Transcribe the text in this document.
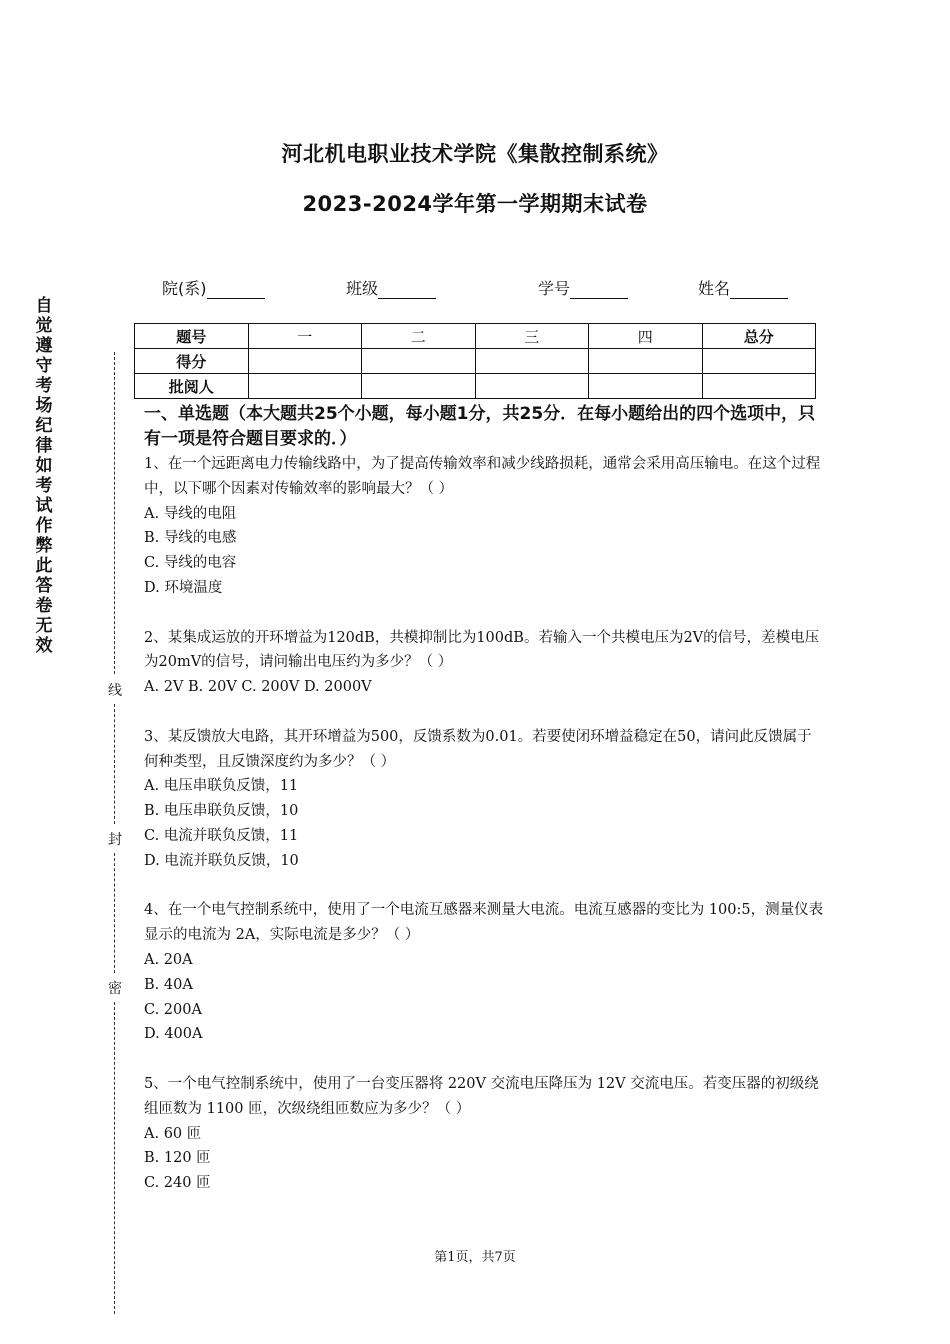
河北机电职业技术学院《集散控制系统》
2023-2024学年第一学期期末试卷
院(系)	班级	学号	姓名
题号	一	二	三	四	总分
得分					
批阅人					
一、单选题（本大题共25个小题，每小题1分，共25分．在每小题给出的四个选项中，只有一项是符合题目要求的．）

1、在一个远距离电力传输线路中，为了提高传输效率和减少线路损耗，通常会采用高压输电。在这个过程中，以下哪个因素对传输效率的影响最大？（ ）

A. 导线的电阻

B. 导线的电感

C. 导线的电容

D. 环境温度

2、某集成运放的开环增益为120dB，共模抑制比为100dB。若输入一个共模电压为2V的信号，差模电压为20mV的信号，请问输出电压约为多少？（ ）

A. 2V B. 20V C. 200V D. 2000V

3、某反馈放大电路，其开环增益为500，反馈系数为0.01。若要使闭环增益稳定在50，请问此反馈属于何种类型，且反馈深度约为多少？（ ）

A. 电压串联负反馈，11

B. 电压串联负反馈，10

C. 电流并联负反馈，11

D. 电流并联负反馈，10

4、在一个电气控制系统中，使用了一个电流互感器来测量大电流。电流互感器的变比为 100:5，测量仪表显示的电流为 2A，实际电流是多少？（ ）

A. 20A

B. 40A

C. 200A

D. 400A

5、一个电气控制系统中，使用了一台变压器将 220V 交流电压降压为 12V 交流电压。若变压器的初级绕组匝数为 1100 匝，次级绕组匝数应为多少？（ ）

A. 60 匝

B. 120 匝

C. 240 匝

自觉遵守考场纪律如考试作弊此答卷无效
线
封
密
第1页，共7页
